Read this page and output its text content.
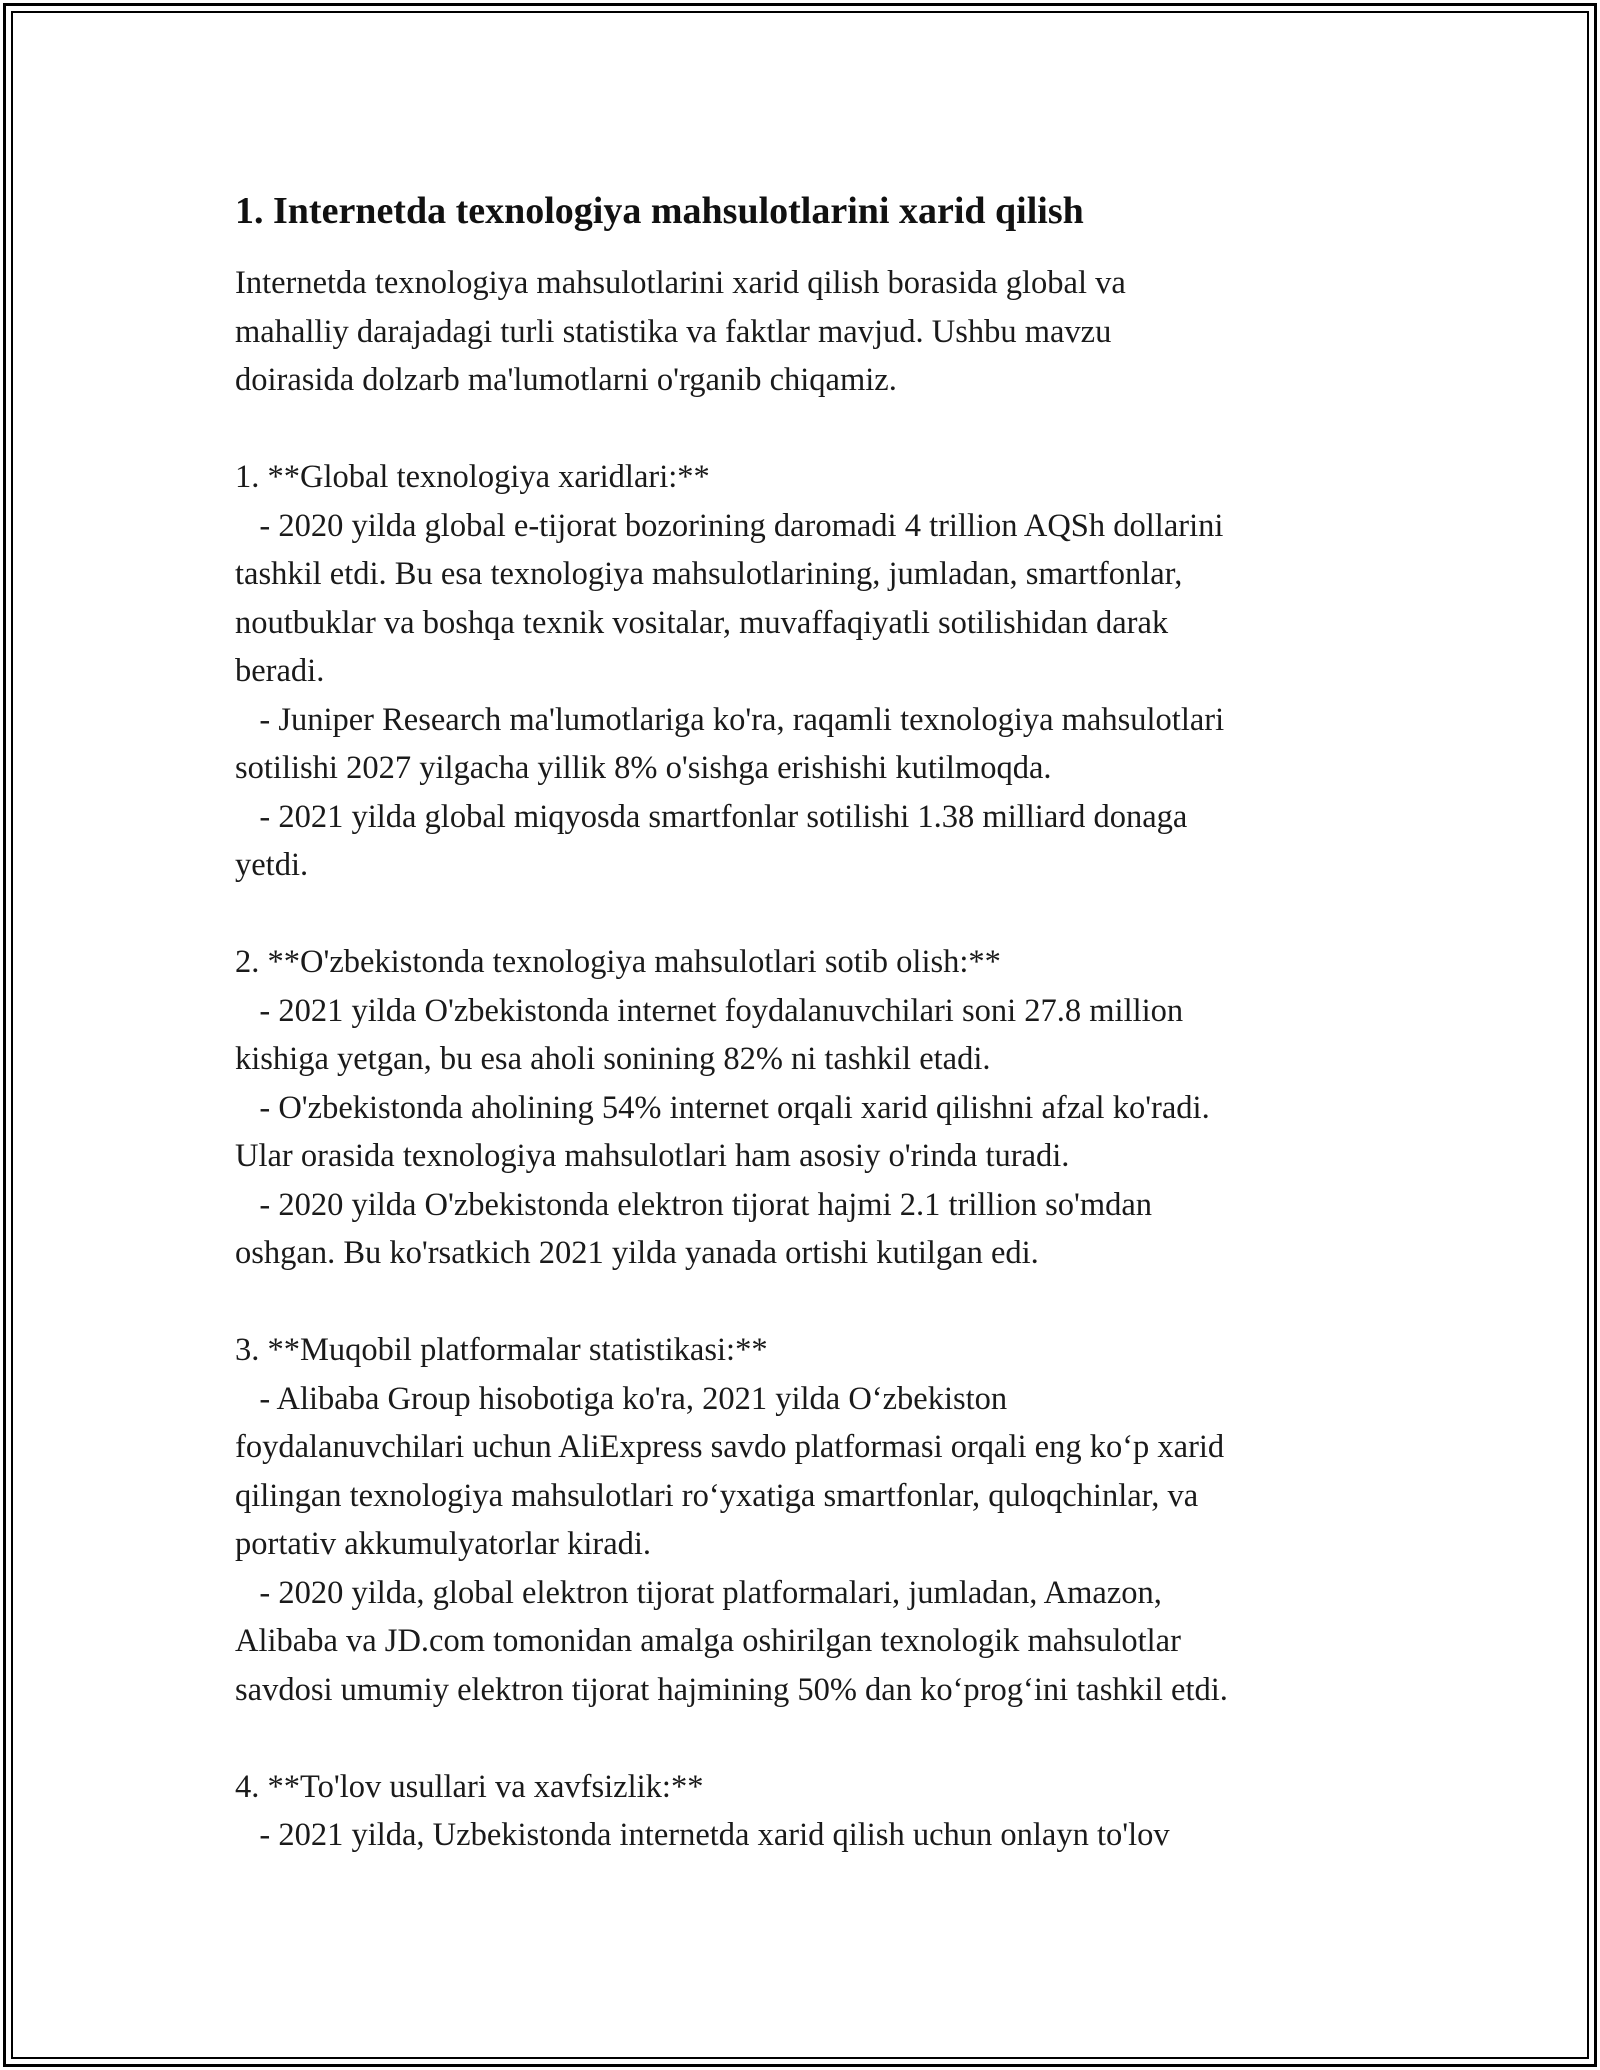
1. Internetda texnologiya mahsulotlarini xarid qilish

Internetda texnologiya mahsulotlarini xarid qilish borasida global va
mahalliy darajadagi turli statistika va faktlar mavjud. Ushbu mavzu
doirasida dolzarb ma'lumotlarni o'rganib chiqamiz.

1. **Global texnologiya xaridlari:**

- 2020 yilda global e-tijorat bozorining daromadi 4 trillion AQSh dollarini
tashkil etdi. Bu esa texnologiya mahsulotlarining, jumladan, smartfonlar,
noutbuklar va boshqa texnik vositalar, muvaffaqiyatli sotilishidan darak
beradi.

- Juniper Research ma'lumotlariga ko'ra, raqamli texnologiya mahsulotlari
sotilishi 2027 yilgacha yillik 8% o'sishga erishishi kutilmoqda.

- 2021 yilda global miqyosda smartfonlar sotilishi 1.38 milliard donaga
yetdi.

2. **O'zbekistonda texnologiya mahsulotlari sotib olish:**

- 2021 yilda O'zbekistonda internet foydalanuvchilari soni 27.8 million
kishiga yetgan, bu esa aholi sonining 82% ni tashkil etadi.

- O'zbekistonda aholining 54% internet orqali xarid qilishni afzal ko'radi.
Ular orasida texnologiya mahsulotlari ham asosiy o'rinda turadi.

- 2020 yilda O'zbekistonda elektron tijorat hajmi 2.1 trillion so'mdan
oshgan. Bu ko'rsatkich 2021 yilda yanada ortishi kutilgan edi.

3. **Muqobil platformalar statistikasi:**

- Alibaba Group hisobotiga ko'ra, 2021 yilda O‘zbekiston
foydalanuvchilari uchun AliExpress savdo platformasi orqali eng ko‘p xarid
qilingan texnologiya mahsulotlari ro‘yxatiga smartfonlar, quloqchinlar, va
portativ akkumulyatorlar kiradi.

- 2020 yilda, global elektron tijorat platformalari, jumladan, Amazon,
Alibaba va JD.com tomonidan amalga oshirilgan texnologik mahsulotlar
savdosi umumiy elektron tijorat hajmining 50% dan ko‘prog‘ini tashkil etdi.

4. **To'lov usullari va xavfsizlik:**

- 2021 yilda, Uzbekistonda internetda xarid qilish uchun onlayn to'lov
